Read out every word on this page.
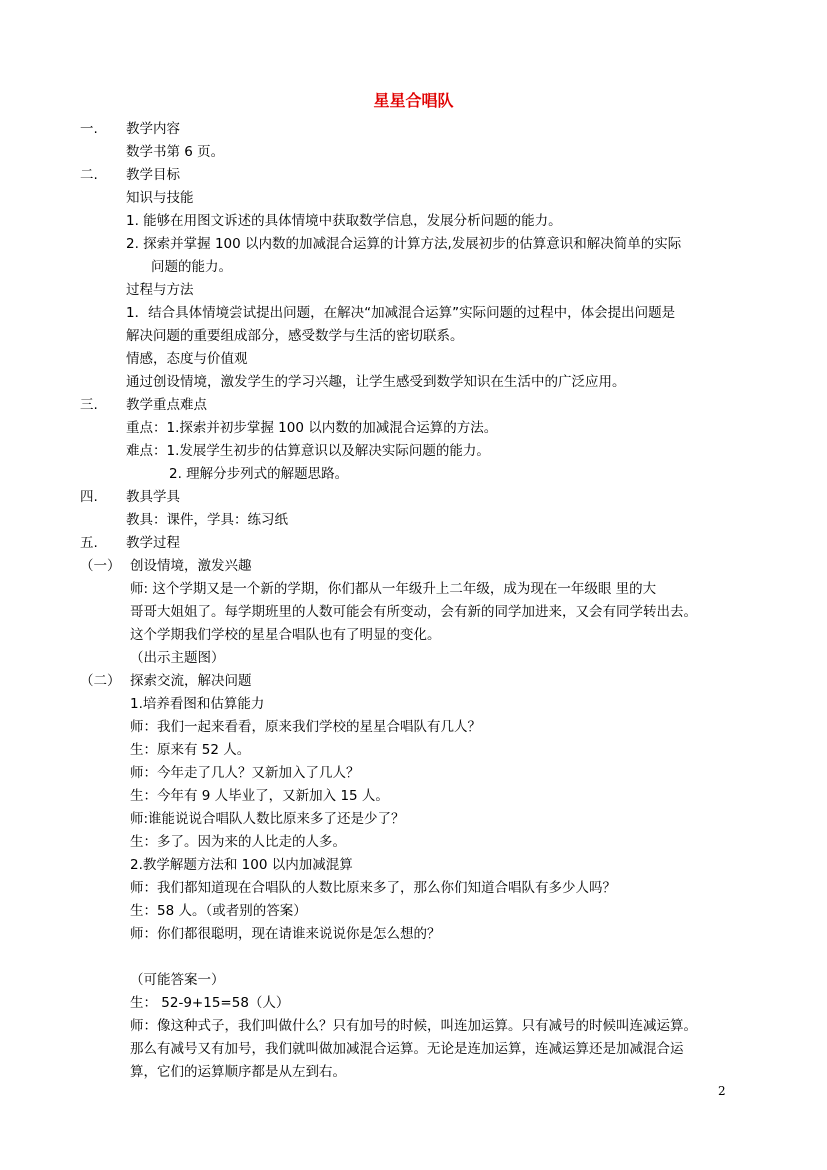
星星合唱队
一. 教学内容
数学书第 6 页。
二. 教学目标
知识与技能
1. 能够在用图文诉述的具体情境中获取数学信息，发展分析问题的能力。
2. 探索并掌握 100 以内数的加减混合运算的计算方法,发展初步的估算意识和解决简单的实际
问题的能力。
过程与方法
1．结合具体情境尝试提出问题，在解决“加减混合运算”实际问题的过程中，体会提出问题是
解决问题的重要组成部分，感受数学与生活的密切联系。
情感，态度与价值观
通过创设情境，激发学生的学习兴趣，让学生感受到数学知识在生活中的广泛应用。
三. 教学重点难点
重点：1.探索并初步掌握 100 以内数的加减混合运算的方法。
难点：1.发展学生初步的估算意识以及解决实际问题的能力。
2. 理解分步列式的解题思路。
四. 教具学具
教具：课件，学具：练习纸
五. 教学过程
（一） 创设情境，激发兴趣
师: 这个学期又是一个新的学期，你们都从一年级升上二年级，成为现在一年级眼 里的大
哥哥大姐姐了。每学期班里的人数可能会有所变动，会有新的同学加进来，又会有同学转出去。
这个学期我们学校的星星合唱队也有了明显的变化。
（出示主题图）
（二） 探索交流，解决问题
1.培养看图和估算能力
师：我们一起来看看，原来我们学校的星星合唱队有几人？
生：原来有 52 人。
师：今年走了几人？又新加入了几人？
生：今年有 9 人毕业了，又新加入 15 人。
师:谁能说说合唱队人数比原来多了还是少了？
生：多了。因为来的人比走的人多。
2.教学解题方法和 100 以内加减混算
师：我们都知道现在合唱队的人数比原来多了，那么你们知道合唱队有多少人吗？
生：58 人。（或者别的答案）
师：你们都很聪明，现在请谁来说说你是怎么想的？
（可能答案一）
生： 52-9+15=58（人）
师：像这种式子，我们叫做什么？只有加号的时候，叫连加运算。只有减号的时候叫连减运算。
那么有减号又有加号，我们就叫做加减混合运算。无论是连加运算，连减运算还是加减混合运
算，它们的运算顺序都是从左到右。
2
